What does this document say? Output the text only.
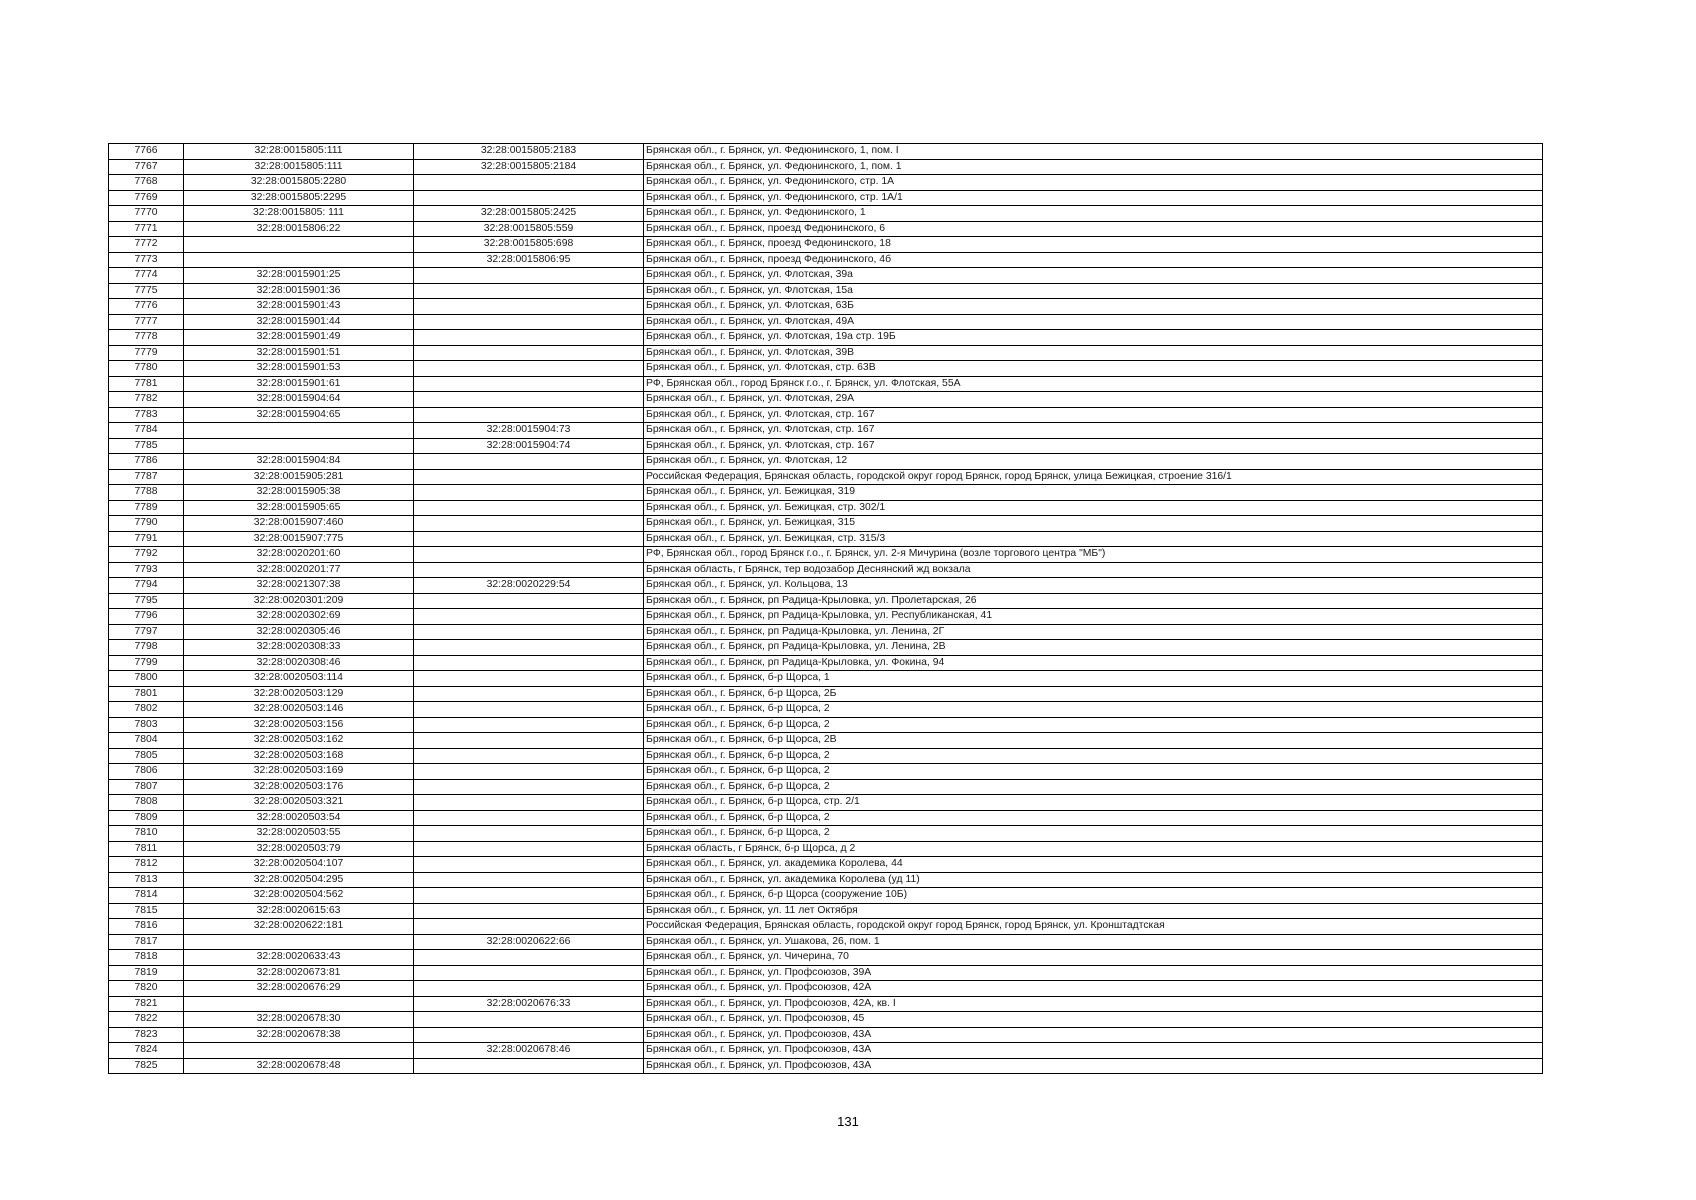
7766	32:28:0015805:111	32:28:0015805:2183	Брянская обл., г. Брянск, ул. Федюнинского, 1, пом. I
7767	32:28:0015805:111	32:28:0015805:2184	Брянская обл., г. Брянск, ул. Федюнинского, 1, пом. 1
7768	32:28:0015805:2280		Брянская обл., г. Брянск, ул. Федюнинского, стр. 1А
7769	32:28:0015805:2295		Брянская обл., г. Брянск, ул. Федюнинского, стр. 1А/1
7770	32:28:0015805: 111	32:28:0015805:2425	Брянская обл., г. Брянск, ул. Федюнинского, 1
7771	32:28:0015806:22	32:28:0015805:559	Брянская обл., г. Брянск, проезд Федюнинского, 6
7772		32:28:0015805:698	Брянская обл., г. Брянск, проезд Федюнинского, 18
7773		32:28:0015806:95	Брянская обл., г. Брянск, проезд Федюнинского, 4б
7774	32:28:0015901:25		Брянская обл., г. Брянск, ул. Флотская, 39а
7775	32:28:0015901:36		Брянская обл., г. Брянск, ул. Флотская, 15а
7776	32:28:0015901:43		Брянская обл., г. Брянск, ул. Флотская, 63Б
7777	32:28:0015901:44		Брянская обл., г. Брянск, ул. Флотская, 49А
7778	32:28:0015901:49		Брянская обл., г. Брянск, ул. Флотская, 19а стр. 19Б
7779	32:28:0015901:51		Брянская обл., г. Брянск, ул. Флотская, 39В
7780	32:28:0015901:53		Брянская обл., г. Брянск, ул. Флотская, стр. 63В
7781	32:28:0015901:61		РФ, Брянская обл., город Брянск г.о., г. Брянск, ул. Флотская, 55А
7782	32:28:0015904:64		Брянская обл., г. Брянск, ул. Флотская, 29А
7783	32:28:0015904:65		Брянская обл., г. Брянск, ул. Флотская, стр. 167
7784		32:28:0015904:73	Брянская обл., г. Брянск, ул. Флотская, стр. 167
7785		32:28:0015904:74	Брянская обл., г. Брянск, ул. Флотская, стр. 167
7786	32:28:0015904:84		Брянская обл., г. Брянск, ул. Флотская, 12
7787	32:28:0015905:281		Российская Федерация, Брянская область, городской округ город Брянск, город Брянск, улица Бежицкая, строение 316/1
7788	32:28:0015905:38		Брянская обл., г. Брянск, ул. Бежицкая, 319
7789	32:28:0015905:65		Брянская обл., г. Брянск, ул. Бежицкая, стр. 302/1
7790	32:28:0015907:460		Брянская обл., г. Брянск, ул. Бежицкая, 315
7791	32:28:0015907:775		Брянская обл., г. Брянск, ул. Бежицкая, стр. 315/3
7792	32:28:0020201:60		РФ, Брянская обл., город Брянск г.о., г. Брянск, ул. 2-я Мичурина (возле торгового центра "МБ")
7793	32:28:0020201:77		Брянская область, г Брянск, тер водозабор Деснянский жд вокзала
7794	32:28:0021307:38	32:28:0020229:54	Брянская обл., г. Брянск, ул. Кольцова, 13
7795	32:28:0020301:209		Брянская обл., г. Брянск, рп Радица-Крыловка, ул. Пролетарская, 26
7796	32:28:0020302:69		Брянская обл., г. Брянск, рп Радица-Крыловка, ул. Республиканская, 41
7797	32:28:0020305:46		Брянская обл., г. Брянск, рп Радица-Крыловка, ул. Ленина, 2Г
7798	32:28:0020308:33		Брянская обл., г. Брянск, рп Радица-Крыловка, ул. Ленина, 2В
7799	32:28:0020308:46		Брянская обл., г. Брянск, рп Радица-Крыловка, ул. Фокина, 94
7800	32:28:0020503:114		Брянская обл., г. Брянск, б-р Щорса, 1
7801	32:28:0020503:129		Брянская обл., г. Брянск, б-р Щорса, 2Б
7802	32:28:0020503:146		Брянская обл., г. Брянск, б-р Щорса, 2
7803	32:28:0020503:156		Брянская обл., г. Брянск, б-р Щорса, 2
7804	32:28:0020503:162		Брянская обл., г. Брянск, б-р Щорса, 2В
7805	32:28:0020503:168		Брянская обл., г. Брянск, б-р Щорса, 2
7806	32:28:0020503:169		Брянская обл., г. Брянск, б-р Щорса, 2
7807	32:28:0020503:176		Брянская обл., г. Брянск, б-р Щорса, 2
7808	32:28:0020503:321		Брянская обл., г. Брянск, б-р Щорса, стр. 2/1
7809	32:28:0020503:54		Брянская обл., г. Брянск, б-р Щорса, 2
7810	32:28:0020503:55		Брянская обл., г. Брянск, б-р Щорса, 2
7811	32:28:0020503:79		Брянская область, г Брянск, б-р Щорса, д 2
7812	32:28:0020504:107		Брянская обл., г. Брянск, ул. академика Королева, 44
7813	32:28:0020504:295		Брянская обл., г. Брянск, ул. академика Королева (уд 11)
7814	32:28:0020504:562		Брянская обл., г. Брянск, б-р Щорса (сооружение 10Б)
7815	32:28:0020615:63		Брянская обл., г. Брянск, ул. 11 лет Октября
7816	32:28:0020622:181		Российская Федерация, Брянская область, городской округ город Брянск, город Брянск, ул. Кронштадтская
7817		32:28:0020622:66	Брянская обл., г. Брянск, ул. Ушакова, 26, пом. 1
7818	32:28:0020633:43		Брянская обл., г. Брянск, ул. Чичерина, 70
7819	32:28:0020673:81		Брянская обл., г. Брянск, ул. Профсоюзов, 39А
7820	32:28:0020676:29		Брянская обл., г. Брянск, ул. Профсоюзов, 42А
7821		32:28:0020676:33	Брянская обл., г. Брянск, ул. Профсоюзов, 42А, кв. I
7822	32:28:0020678:30		Брянская обл., г. Брянск, ул. Профсоюзов, 45
7823	32:28:0020678:38		Брянская обл., г. Брянск, ул. Профсоюзов, 43А
7824		32:28:0020678:46	Брянская обл., г. Брянск, ул. Профсоюзов, 43А
7825	32:28:0020678:48		Брянская обл., г. Брянск, ул. Профсоюзов, 43А
131
